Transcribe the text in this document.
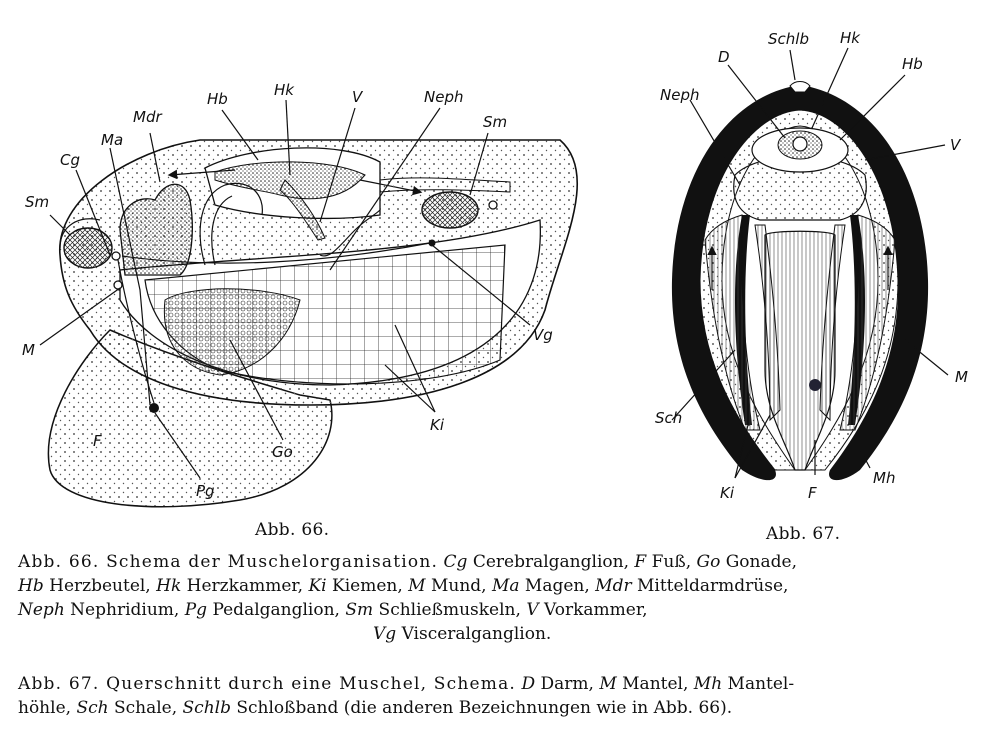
Hb	Hk	V	Neph
Sm
Mdr
Ma
Cg
Sm
M
F
Pg
Go
Ki
Vg
Schlb Hk
D	Hb
Neph
V
M
Sch
Ki	F
Mh
Abb. 66.	Abb. 67.
Abb. 66. Schema der Muschelorganisation. Cg Cerebralganglion, F Fuß, Go Gonade,
Hb Herzbeutel, Hk Herzkammer, Ki Kiemen, M Mund, Ma Magen, Mdr Mitteldarmdrüse,
Neph Nephridium, Pg Pedalganglion, Sm Schließmuskeln, V Vorkammer,
Vg Visceralganglion.
Abb. 67. Querschnitt durch eine Muschel, Schema. D Darm, M Mantel, Mh Mantel-
höhle, Sch Schale, Schlb Schloßband (die anderen Bezeichnungen wie in Abb. 66).
